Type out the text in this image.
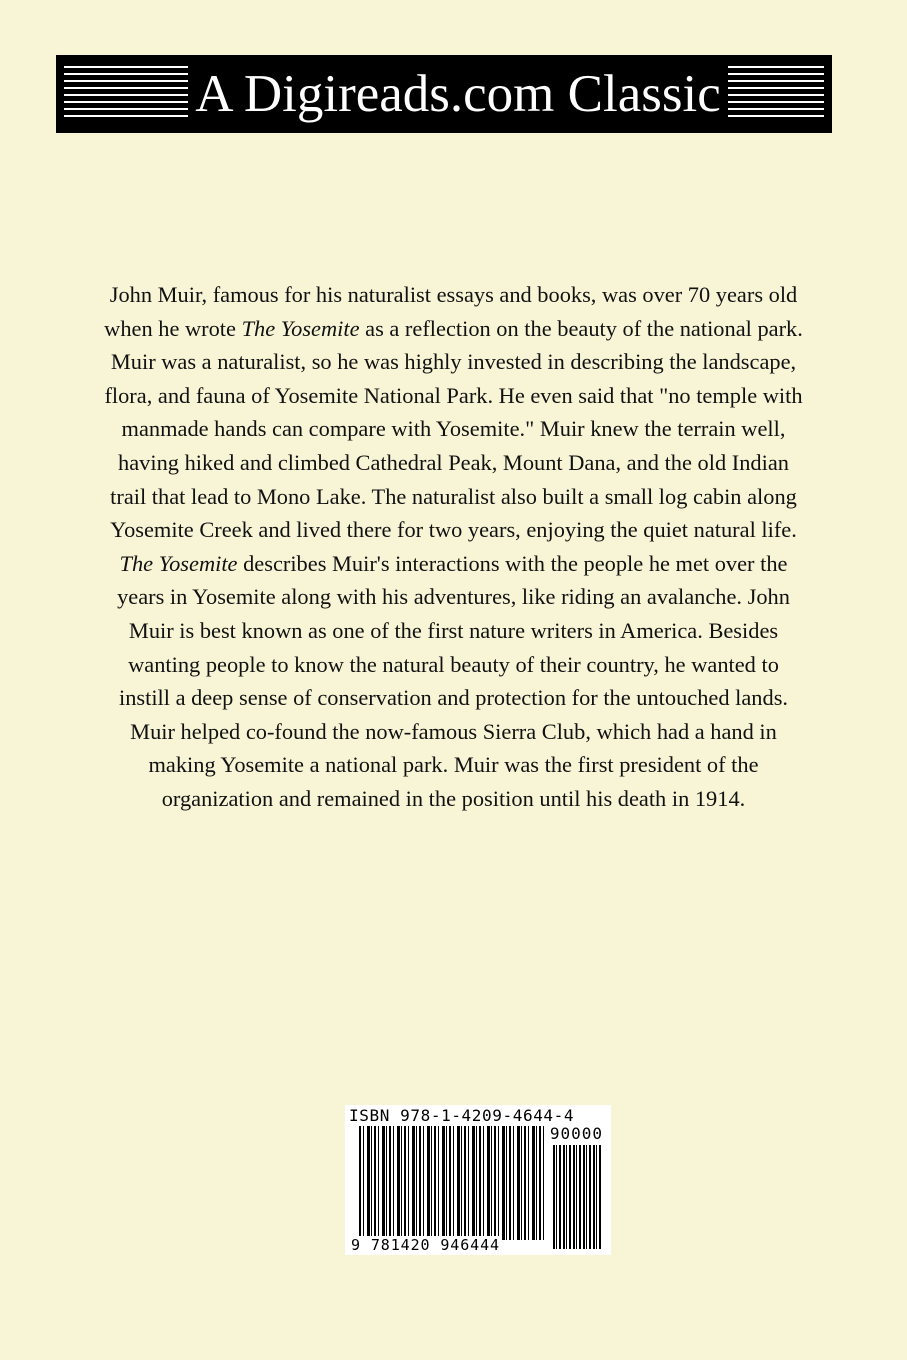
A Digireads.com Classic
John Muir, famous for his naturalist essays and books, was over 70 years old when he wrote The Yosemite as a reflection on the beauty of the national park. Muir was a naturalist, so he was highly invested in describing the landscape, flora, and fauna of Yosemite National Park. He even said that "no temple with manmade hands can compare with Yosemite." Muir knew the terrain well, having hiked and climbed Cathedral Peak, Mount Dana, and the old Indian trail that lead to Mono Lake. The naturalist also built a small log cabin along Yosemite Creek and lived there for two years, enjoying the quiet natural life. The Yosemite describes Muir's interactions with the people he met over the years in Yosemite along with his adventures, like riding an avalanche. John Muir is best known as one of the first nature writers in America. Besides wanting people to know the natural beauty of their country, he wanted to instill a deep sense of conservation and protection for the untouched lands. Muir helped co-found the now-famous Sierra Club, which had a hand in making Yosemite a national park. Muir was the first president of the organization and remained in the position until his death in 1914.
ISBN 978-1-4209-4644-4
90000
9 781420 946444
